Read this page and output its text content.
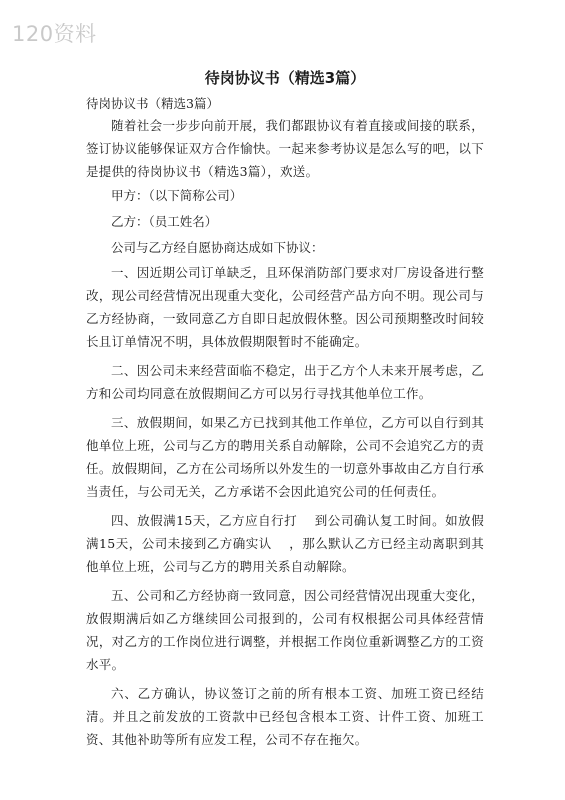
120资料
待岗协议书（精选3篇）

待岗协议书（精选3篇）

随着社会一步步向前开展，我们都跟协议有着直接或间接的联系，签订协议能够保证双方合作愉快。一起来参考协议是怎么写的吧，以下是提供的待岗协议书（精选3篇），欢送。

甲方：（以下简称公司）

乙方：（员工姓名）

公司与乙方经自愿协商达成如下协议：

一、因近期公司订单缺乏，且环保消防部门要求对厂房设备进行整改，现公司经营情况出现重大变化，公司经营产品方向不明。现公司与乙方经协商，一致同意乙方自即日起放假休整。因公司预期整改时间较长且订单情况不明，具体放假期限暂时不能确定。

二、因公司未来经营面临不稳定，出于乙方个人未来开展考虑，乙方和公司均同意在放假期间乙方可以另行寻找其他单位工作。

三、放假期间，如果乙方已找到其他工作单位，乙方可以自行到其他单位上班，公司与乙方的聘用关系自动解除，公司不会追究乙方的责任。放假期间，乙方在公司场所以外发生的一切意外事故由乙方自行承当责任，与公司无关，乙方承诺不会因此追究公司的任何责任。

四、放假满15天，乙方应自行打　 到公司确认复工时间。如放假满15天，公司未接到乙方确实认　 ，那么默认乙方已经主动离职到其他单位上班，公司与乙方的聘用关系自动解除。

五、公司和乙方经协商一致同意，因公司经营情况出现重大变化，放假期满后如乙方继续回公司报到的，公司有权根据公司具体经营情况，对乙方的工作岗位进行调整，并根据工作岗位重新调整乙方的工资水平。

六、乙方确认，协议签订之前的所有根本工资、加班工资已经结清。并且之前发放的工资款中已经包含根本工资、计件工资、加班工资、其他补助等所有应发工程，公司不存在拖欠。
